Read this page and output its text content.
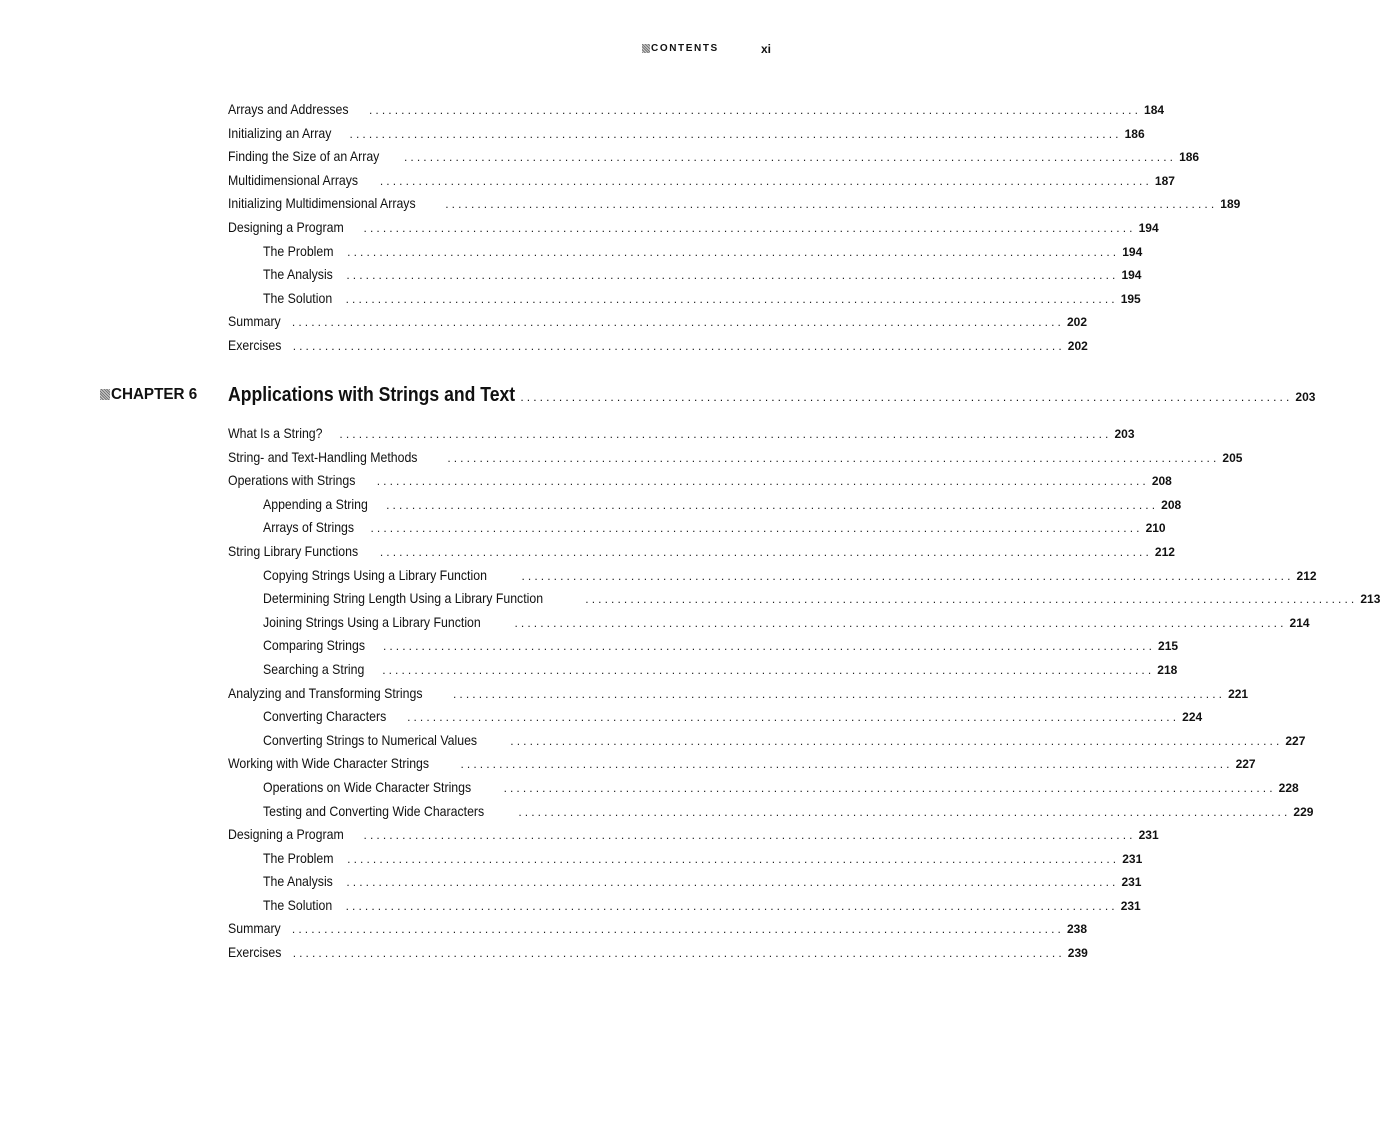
CONTENTS	xi
Arrays and Addresses ........................................................................................................................ 184
Initializing an Array ........................................................................................................................ 186
Finding the Size of an Array ........................................................................................................................ 186
Multidimensional Arrays ........................................................................................................................ 187
Initializing Multidimensional Arrays ........................................................................................................................ 189
Designing a Program ........................................................................................................................ 194
The Problem ........................................................................................................................ 194
The Analysis ........................................................................................................................ 194
The Solution ........................................................................................................................ 195
Summary ........................................................................................................................ 202
Exercises ........................................................................................................................ 202
CHAPTER 6 Applications with Strings and Text ........................................................................................................................ 203
What Is a String? ........................................................................................................................ 203
String- and Text-Handling Methods ........................................................................................................................ 205
Operations with Strings ........................................................................................................................ 208
Appending a String ........................................................................................................................ 208
Arrays of Strings ........................................................................................................................ 210
String Library Functions ........................................................................................................................ 212
Copying Strings Using a Library Function	........................................................................................................................ 212
Determining String Length Using a Library Function	........................................................................................................................ 213
Joining Strings Using a Library Function	........................................................................................................................ 214
Comparing Strings ........................................................................................................................ 215
Searching a String ........................................................................................................................ 218
Analyzing and Transforming Strings	........................................................................................................................ 221
Converting Characters ........................................................................................................................ 224
Converting Strings to Numerical Values	........................................................................................................................ 227
Working with Wide Character Strings	........................................................................................................................ 227
Operations on Wide Character Strings	........................................................................................................................ 228
Testing and Converting Wide Characters	........................................................................................................................ 229
Designing a Program ........................................................................................................................ 231
The Problem ........................................................................................................................ 231
The Analysis ........................................................................................................................ 231
The Solution ........................................................................................................................ 231
Summary ........................................................................................................................ 238
Exercises ........................................................................................................................ 239
